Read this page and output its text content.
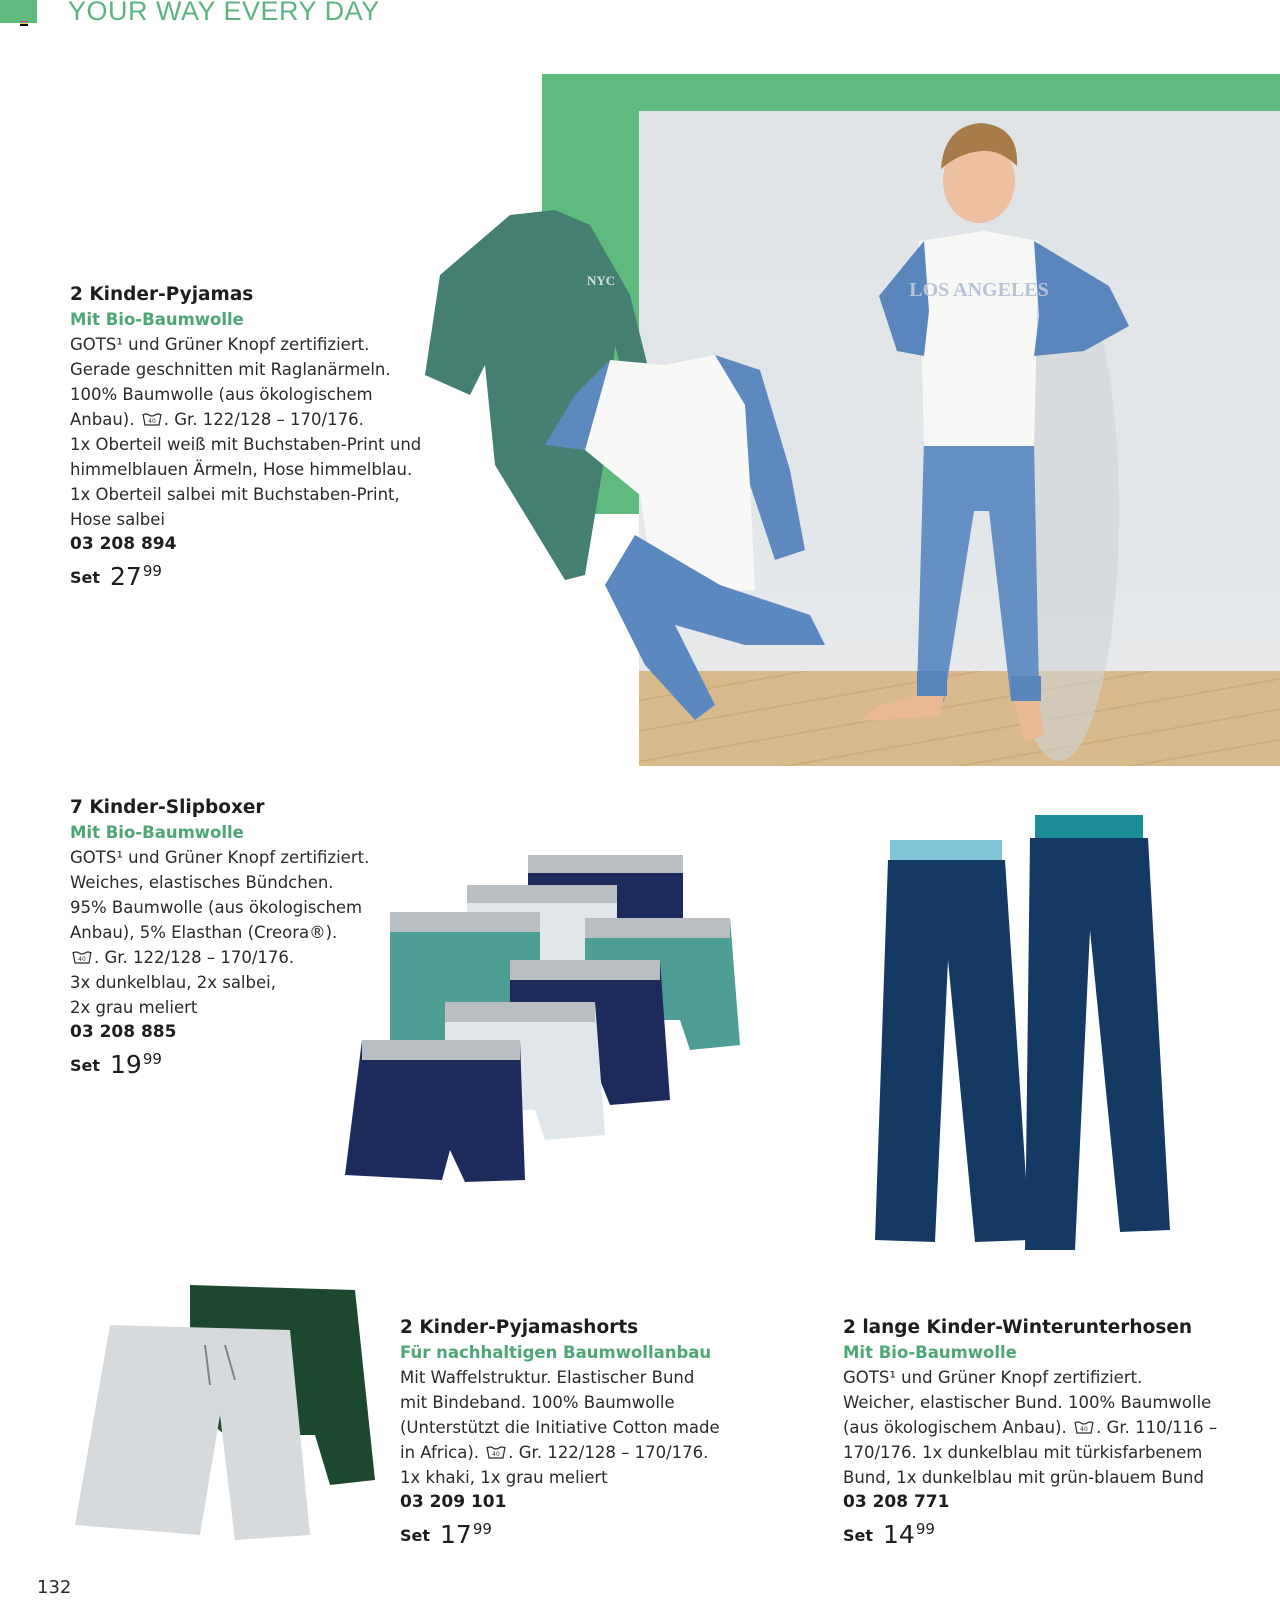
YOUR WAY EVERY DAY
2 Kinder-Pyjamas
Mit Bio-Baumwolle
GOTS¹ und Grüner Knopf zertifiziert.
Gerade geschnitten mit Raglanärmeln.
100% Baumwolle (aus ökologischem
Anbau). 40 . Gr. 122/128 – 170/176.
1x Oberteil weiß mit Buchstaben-Print und
himmelblauen Ärmeln, Hose himmelblau.
1x Oberteil salbei mit Buchstaben-Print,
Hose salbei
03 208 894
Set 27 99
LOS ANGELES
NYC
7 Kinder-Slipboxer
Mit Bio-Baumwolle
GOTS¹ und Grüner Knopf zertifiziert.
Weiches, elastisches Bündchen.
95% Baumwolle (aus ökologischem
Anbau), 5% Elasthan (Creora®).
40 . Gr. 122/128 – 170/176.
3x dunkelblau, 2x salbei,
2x grau meliert
03 208 885
Set 19 99
2 Kinder-Pyjamashorts
Für nachhaltigen Baumwollanbau
Mit Waffelstruktur. Elastischer Bund
mit Bindeband. 100% Baumwolle
(Unterstützt die Initiative Cotton made
in Africa). 40 . Gr. 122/128 – 170/176.
1x khaki, 1x grau meliert
03 209 101
Set 17 99
2 lange Kinder-Winterunterhosen
Mit Bio-Baumwolle
GOTS¹ und Grüner Knopf zertifiziert.
Weicher, elastischer Bund. 100% Baumwolle
(aus ökologischem Anbau). 40 . Gr. 110/116 –
170/176. 1x dunkelblau mit türkisfarbenem
Bund, 1x dunkelblau mit grün-blauem Bund
03 208 771
Set 14 99
132
